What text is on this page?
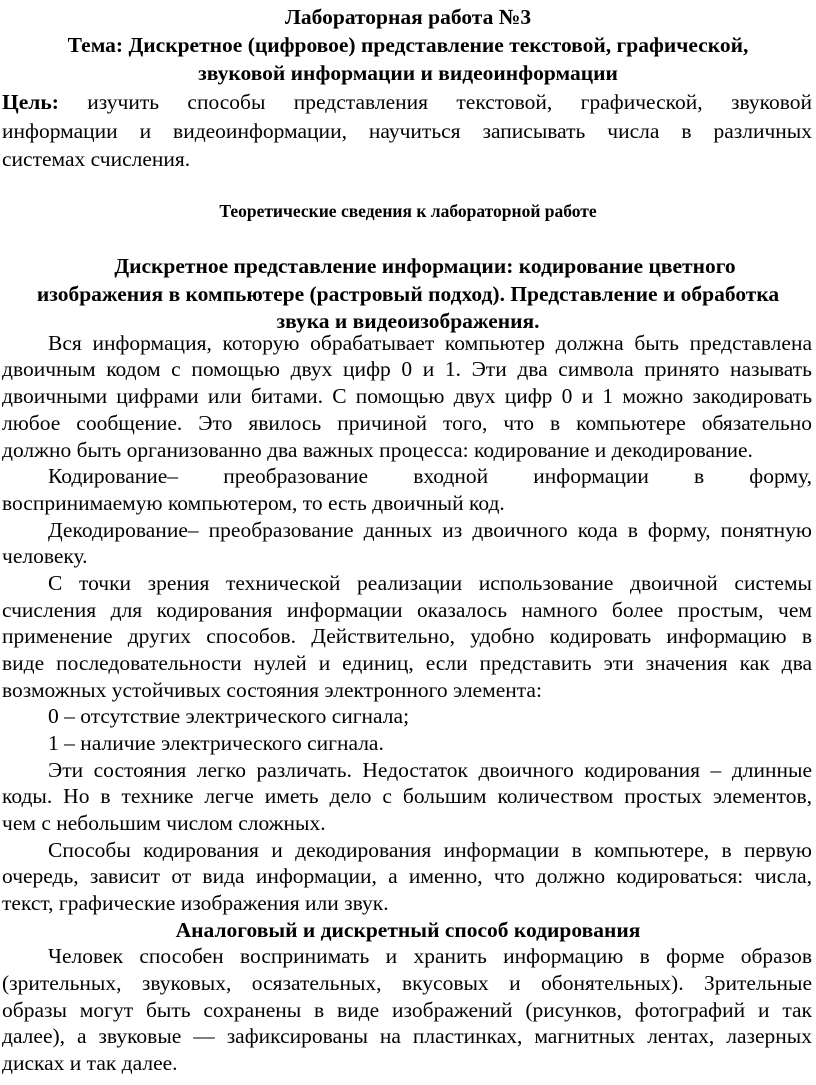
Лабораторная работа №3
Тема: Дискретное (цифровое) представление текстовой, графической,
звуковой информации и видеоинформации
Цель: изучить способы представления текстовой, графической, звуковой
информации и видеоинформации, научиться записывать числа в различных
системах счисления.
Теоретические сведения к лабораторной работе
Дискретное представление информации: кодирование цветного
изображения в компьютере (растровый подход). Представление и обработка
звука и видеоизображения.
Вся информация, которую обрабатывает компьютер должна быть представлена
двоичным кодом с помощью двух цифр 0 и 1. Эти два символа принято называть
двоичными цифрами или битами. С помощью двух цифр 0 и 1 можно закодировать
любое сообщение. Это явилось причиной того, что в компьютере обязательно
должно быть организованно два важных процесса: кодирование и декодирование.
Кодирование– преобразование входной информации в форму,
воспринимаемую компьютером, то есть двоичный код.
Декодирование– преобразование данных из двоичного кода в форму, понятную
человеку.
С точки зрения технической реализации использование двоичной системы
счисления для кодирования информации оказалось намного более простым, чем
применение других способов. Действительно, удобно кодировать информацию в
виде последовательности нулей и единиц, если представить эти значения как два
возможных устойчивых состояния электронного элемента:
0 – отсутствие электрического сигнала;
1 – наличие электрического сигнала.
Эти состояния легко различать. Недостаток двоичного кодирования – длинные
коды. Но в технике легче иметь дело с большим количеством простых элементов,
чем с небольшим числом сложных.
Способы кодирования и декодирования информации в компьютере, в первую
очередь, зависит от вида информации, а именно, что должно кодироваться: числа,
текст, графические изображения или звук.
Аналоговый и дискретный способ кодирования
Человек способен воспринимать и хранить информацию в форме образов
(зрительных, звуковых, осязательных, вкусовых и обонятельных). Зрительные
образы могут быть сохранены в виде изображений (рисунков, фотографий и так
далее), а звуковые — зафиксированы на пластинках, магнитных лентах, лазерных
дисках и так далее.
